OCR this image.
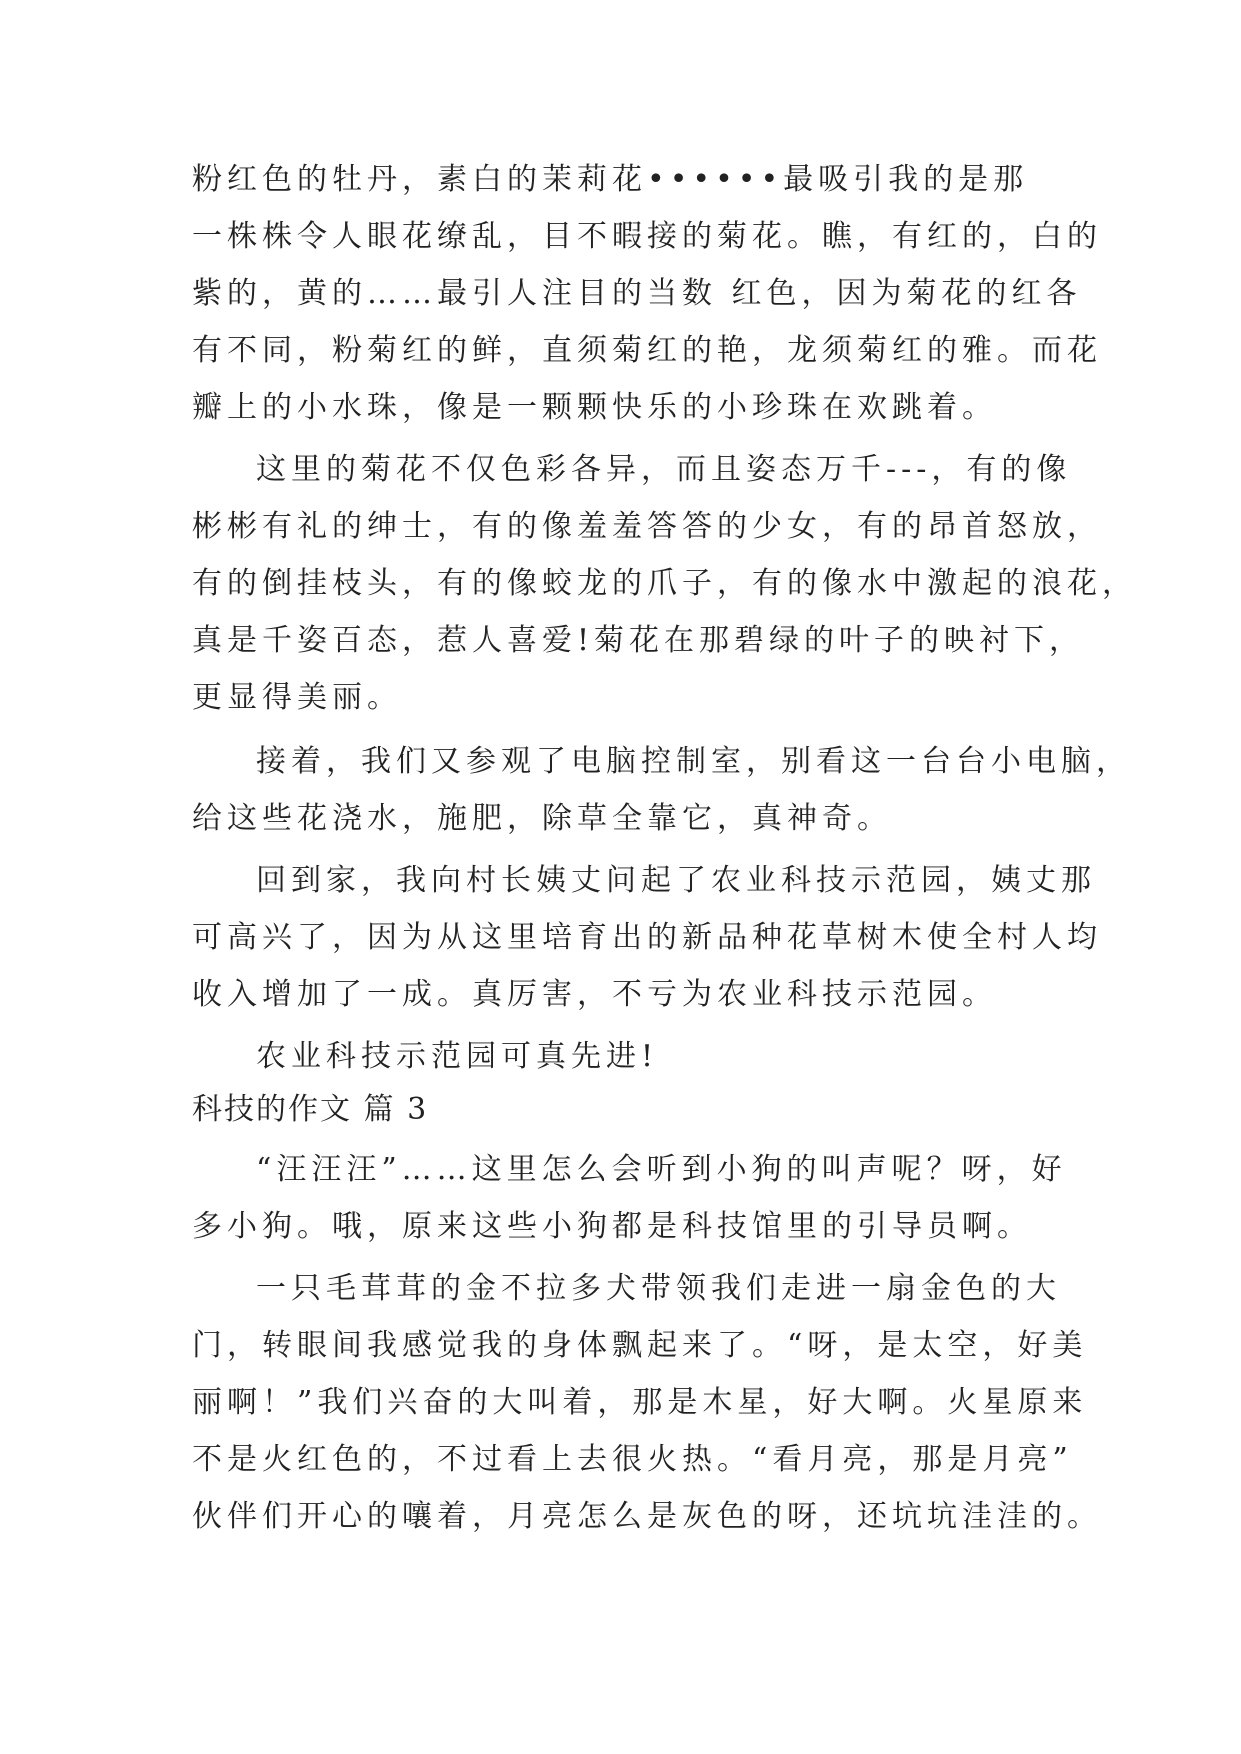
粉红色的牡丹，素白的茉莉花••••••最吸引我的是那
一株株令人眼花缭乱，目不暇接的菊花。瞧，有红的，白的
紫的，黄的……最引人注目的当数 红色，因为菊花的红各
有不同，粉菊红的鲜，直须菊红的艳，龙须菊红的雅。而花
瓣上的小水珠，像是一颗颗快乐的小珍珠在欢跳着。
这里的菊花不仅色彩各异，而且姿态万千---，有的像
彬彬有礼的绅士，有的像羞羞答答的少女，有的昂首怒放，
有的倒挂枝头，有的像蛟龙的爪子，有的像水中激起的浪花，
真是千姿百态，惹人喜爱!菊花在那碧绿的叶子的映衬下，
更显得美丽。
接着，我们又参观了电脑控制室，别看这一台台小电脑，
给这些花浇水，施肥，除草全靠它，真神奇。
回到家，我向村长姨丈问起了农业科技示范园，姨丈那
可高兴了，因为从这里培育出的新品种花草树木使全村人均
收入增加了一成。真厉害，不亏为农业科技示范园。
农业科技示范园可真先进!
科技的作文 篇 3
“汪汪汪”……这里怎么会听到小狗的叫声呢？呀，好
多小狗。哦，原来这些小狗都是科技馆里的引导员啊。
一只毛茸茸的金不拉多犬带领我们走进一扇金色的大
门，转眼间我感觉我的身体飘起来了。“呀，是太空，好美
丽啊！”我们兴奋的大叫着，那是木星，好大啊。火星原来
不是火红色的，不过看上去很火热。“看月亮，那是月亮”
伙伴们开心的嚷着，月亮怎么是灰色的呀，还坑坑洼洼的。
